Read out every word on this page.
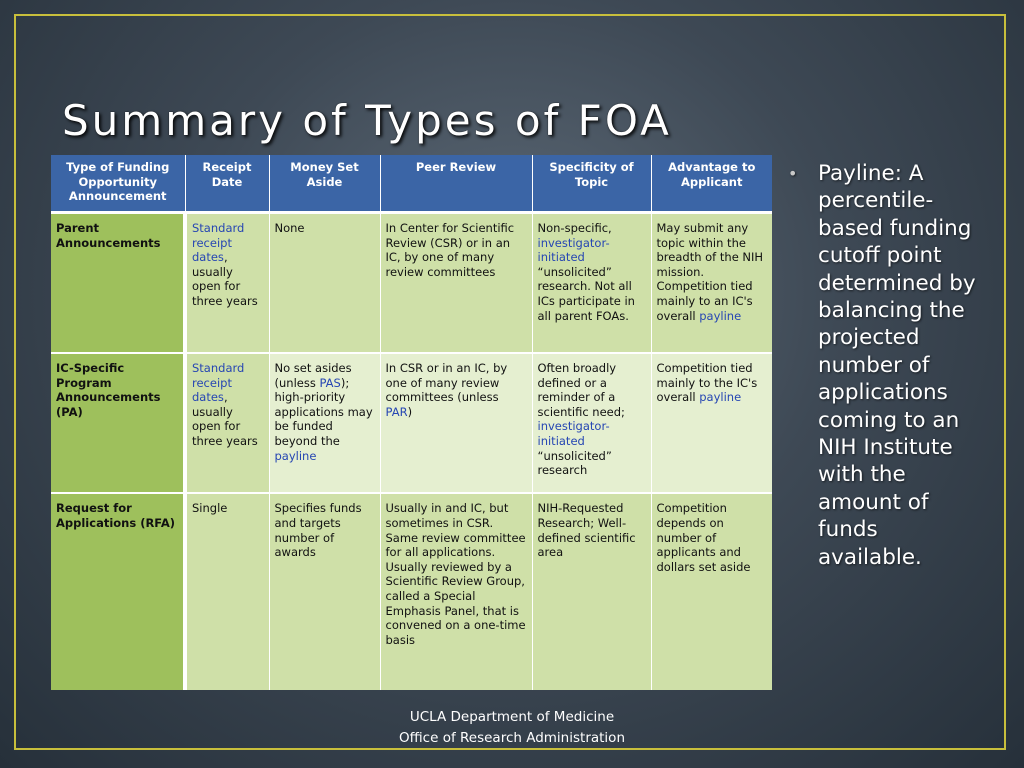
Summary of Types of FOA
Type of Funding Opportunity Announcement	Receipt Date	Money Set Aside	Peer Review	Specificity of Topic	Advantage to Applicant
Parent Announcements	Standard receipt dates, usually open for three years	None	In Center for Scientific Review (CSR) or in an IC, by one of many review committees	Non-specific, investigator-initiated “unsolicited” research. Not all ICs participate in all parent FOAs.	May submit any topic within the breadth of the NIH mission. Competition tied mainly to an IC's overall payline
IC-Specific Program Announcements (PA)	Standard receipt dates, usually open for three years	No set asides (unless PAS); high-priority applications may be funded beyond the payline	In CSR or in an IC, by one of many review committees (unless PAR)	Often broadly defined or a reminder of a scientific need; investigator-initiated “unsolicited” research	Competition tied mainly to the IC's overall payline
Request for Applications (RFA)	Single	Specifies funds and targets number of awards	Usually in and IC, but sometimes in CSR. Same review committee for all applications. Usually reviewed by a Scientific Review Group, called a Special Emphasis Panel, that is convened on a one-time basis	NIH-Requested Research; Well-defined scientific area	Competition depends on number of applicants and dollars set aside
• Payline: A percentile-based funding cutoff point determined by balancing the projected number of applications coming to an NIH Institute with the amount of funds available.
UCLA Department of Medicine
Office of Research Administration
